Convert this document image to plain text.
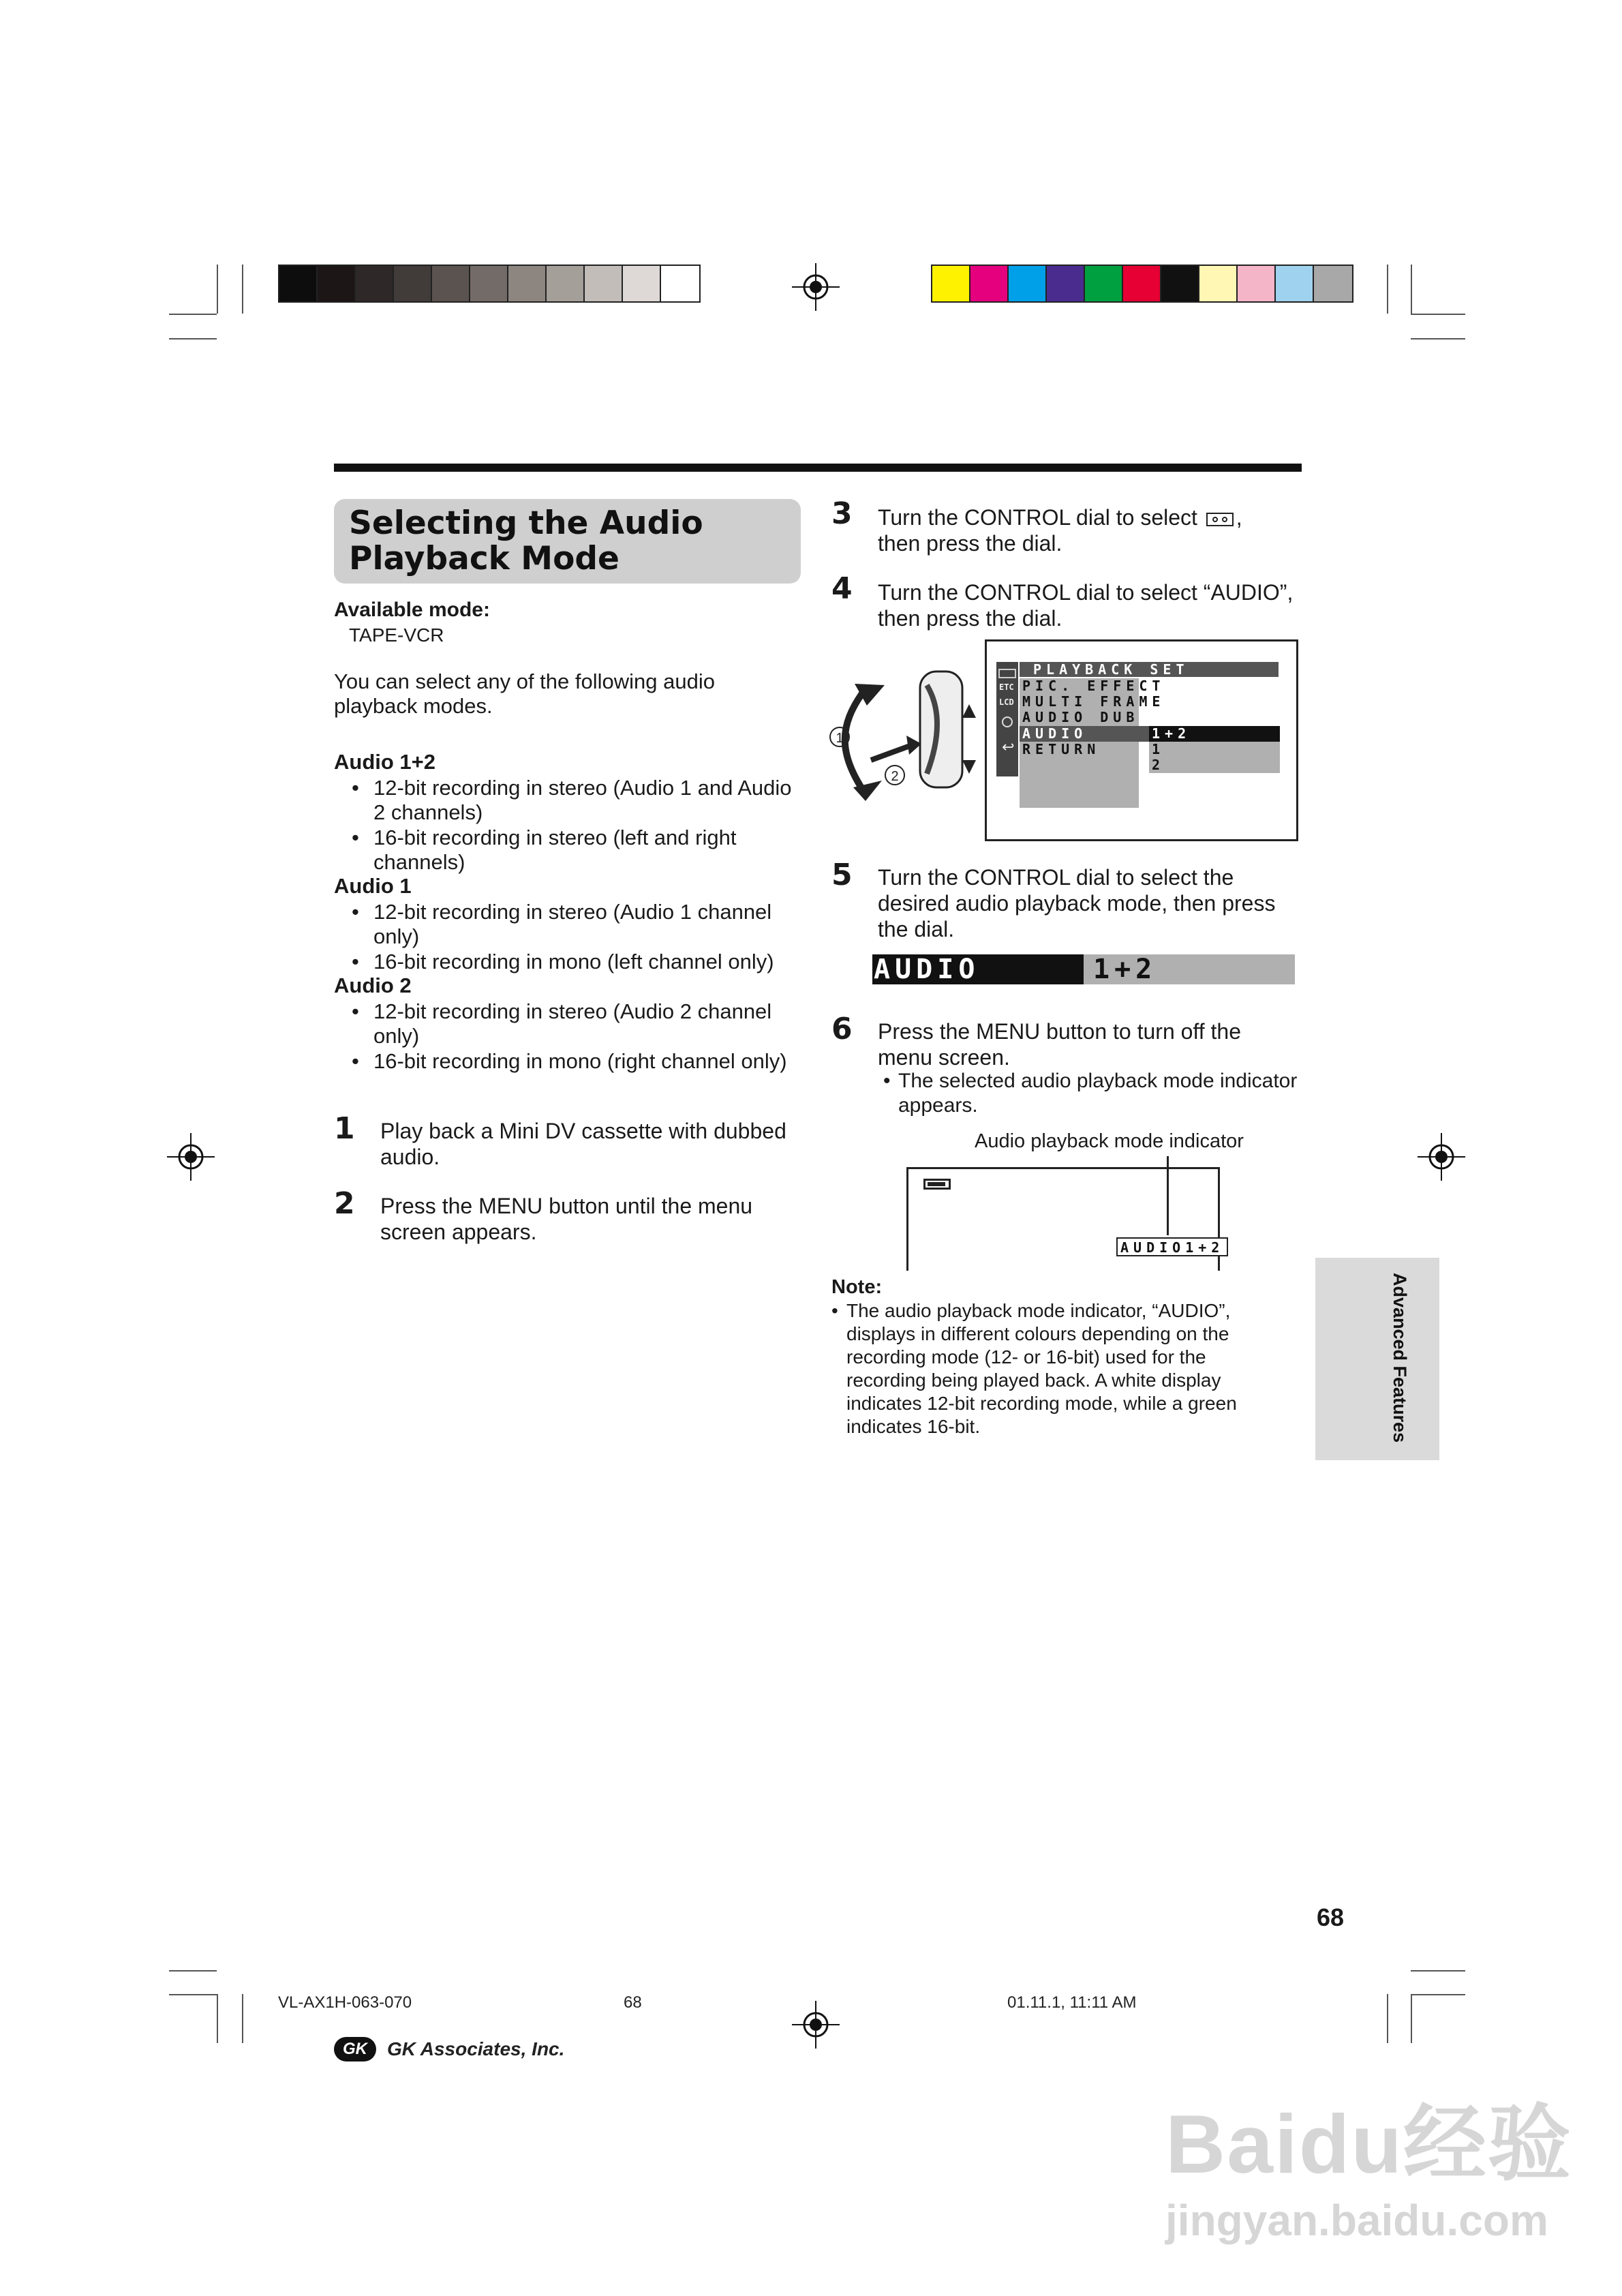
Selecting the Audio
Playback Mode
Available mode:
TAPE-VCR
You can select any of the following audio playback modes.
Audio 1+2
• 12-bit recording in stereo (Audio 1 and Audio 2 channels)
• 16-bit recording in stereo (left and right channels)
Audio 1
• 12-bit recording in stereo (Audio 1 channel only)
• 16-bit recording in mono (left channel only)
Audio 2
• 12-bit recording in stereo (Audio 2 channel only)
• 16-bit recording in mono (right channel only)
1 Play back a Mini DV cassette with dubbed audio.
2 Press the MENU button until the menu screen appears.
3 Turn the CONTROL dial to select ,
then press the dial.
4 Turn the CONTROL dial to select “AUDIO”, then press the dial.
1
2
ETC
LCD
↩
PLAYBACK SET
PIC. EFFECT
MULTI FRAME
AUDIO DUB
AUDIO
RETURN
1+2
1
2
5 Turn the CONTROL dial to select the desired audio playback mode, then press the dial.
AUDIO	1+2
6 Press the MENU button to turn off the menu screen.
• The selected audio playback mode indicator appears.
Audio playback mode indicator
AUDIO1+2
Note:
• The audio playback mode indicator, “AUDIO”, displays in different colours depending on the recording mode (12- or 16-bit) used for the recording being played back. A white display indicates 12-bit recording mode, while a green indicates 16-bit.	Advanced Features
68
VL-AX1H-063-070	68	01.11.1, 11:11 AM
GK	GK Associates, Inc.
Baidu经验
jingyan.baidu.com
